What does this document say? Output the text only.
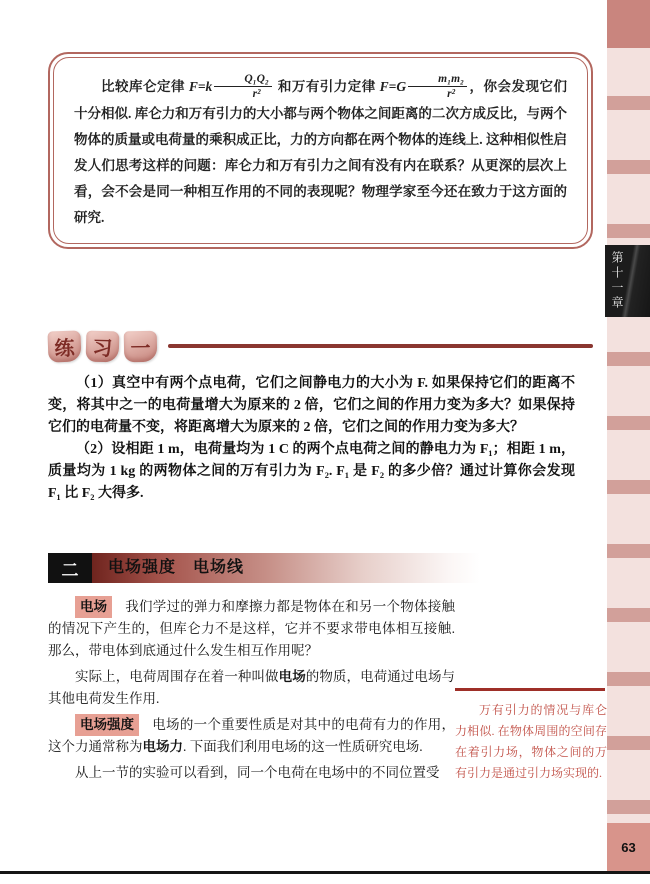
第十一章
63

比较库仑定律 $F=k \frac{\text{Q₁Q₂}}{\text{r²}}$ 和万有引力定律 $F=G \frac{\text{m₁m₂}}{\text{r²}}$ ，你会发现它们十分相似. 库仑力和万有引力的大小都与两个物体之间距离的二次方成反比，与两个物体的质量或电荷量的乘积成正比，力的方向都在两个物体的连线上. 这种相似性启发人们思考这样的问题：库仑力和万有引力之间有没有内在联系？从更深的层次上看，会不会是同一种相互作用的不同的表现呢？物理学家至今还在致力于这方面的研究.

练 习 一

（1）真空中有两个点电荷，它们之间静电力的大小为 F. 如果保持它们的距离不变，将其中之一的电荷量增大为原来的 2 倍，它们之间的作用力变为多大？如果保持它们的电荷量不变，将距离增大为原来的 2 倍，它们之间的作用力变为多大？

（2）设相距 1 m，电荷量均为 1 C 的两个点电荷之间的静电力为 F₁；相距 1 m，质量均为 1 kg 的两物体之间的万有引力为 F₂. F₁ 是 F₂ 的多少倍？通过计算你会发现 F₁ 比 F₂ 大得多.

二	电场强度　电场线

电场 我们学过的弹力和摩擦力都是物体在和另一个物体接触的情况下产生的，但库仑力不是这样，它并不要求带电体相互接触. 那么，带电体到底通过什么发生相互作用呢？

实际上，电荷周围存在着一种叫做电场的物质，电荷通过电场与其他电荷发生作用.

电场强度 电场的一个重要性质是对其中的电荷有力的作用，这个力通常称为电场力. 下面我们利用电场的这一性质研究电场.

从上一节的实验可以看到，同一个电荷在电场中的不同位置受

万有引力的情况与库仑力相似. 在物体周围的空间存在着引力场，物体之间的万有引力是通过引力场实现的.
